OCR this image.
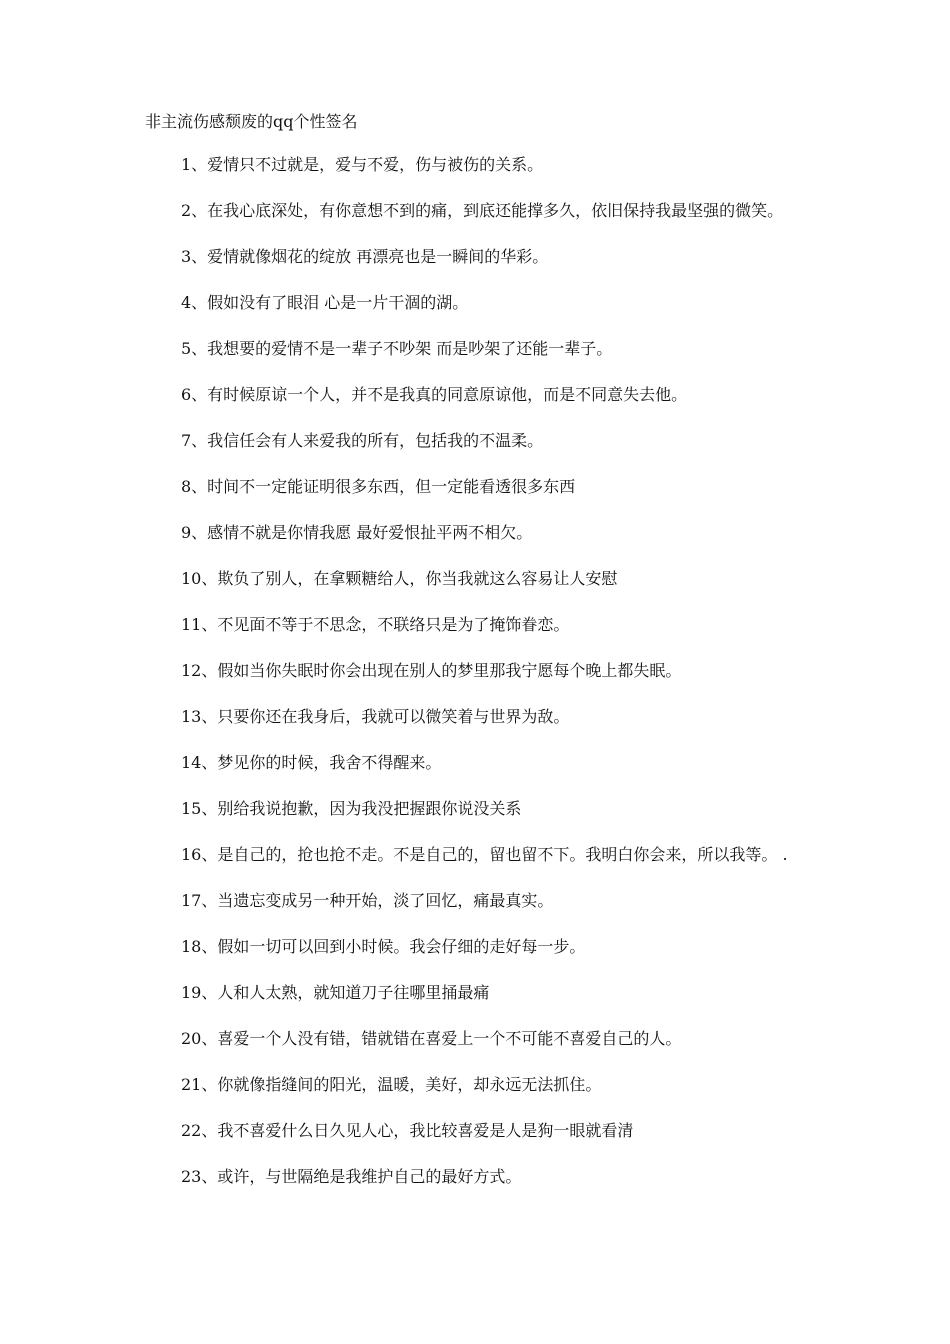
非主流伤感颓废的qq个性签名

1、爱情只不过就是，爱与不爱，伤与被伤的关系。

2、在我心底深处，有你意想不到的痛，到底还能撑多久，依旧保持我最坚强的微笑。

3、爱情就像烟花的绽放 再漂亮也是一瞬间的华彩。

4、假如没有了眼泪 心是一片干涸的湖。

5、我想要的爱情不是一辈子不吵架 而是吵架了还能一辈子。

6、有时候原谅一个人，并不是我真的同意原谅他，而是不同意失去他。

7、我信任会有人来爱我的所有，包括我的不温柔。

8、时间不一定能证明很多东西，但一定能看透很多东西

9、感情不就是你情我愿 最好爱恨扯平两不相欠。

10、欺负了别人，在拿颗糖给人，你当我就这么容易让人安慰

11、不见面不等于不思念，不联络只是为了掩饰眷恋。

12、假如当你失眠时你会出现在别人的梦里那我宁愿每个晚上都失眠。

13、只要你还在我身后，我就可以微笑着与世界为敌。

14、梦见你的时候，我舍不得醒来。

15、别给我说抱歉，因为我没把握跟你说没关系

16、是自己的，抢也抢不走。不是自己的，留也留不下。我明白你会来，所以我等。 .

17、当遗忘变成另一种开始，淡了回忆，痛最真实。

18、假如一切可以回到小时候。我会仔细的走好每一步。

19、人和人太熟，就知道刀子往哪里捅最痛

20、喜爱一个人没有错，错就错在喜爱上一个不可能不喜爱自己的人。

21、你就像指缝间的阳光，温暖，美好，却永远无法抓住。

22、我不喜爱什么日久见人心，我比较喜爱是人是狗一眼就看清

23、或许，与世隔绝是我维护自己的最好方式。
